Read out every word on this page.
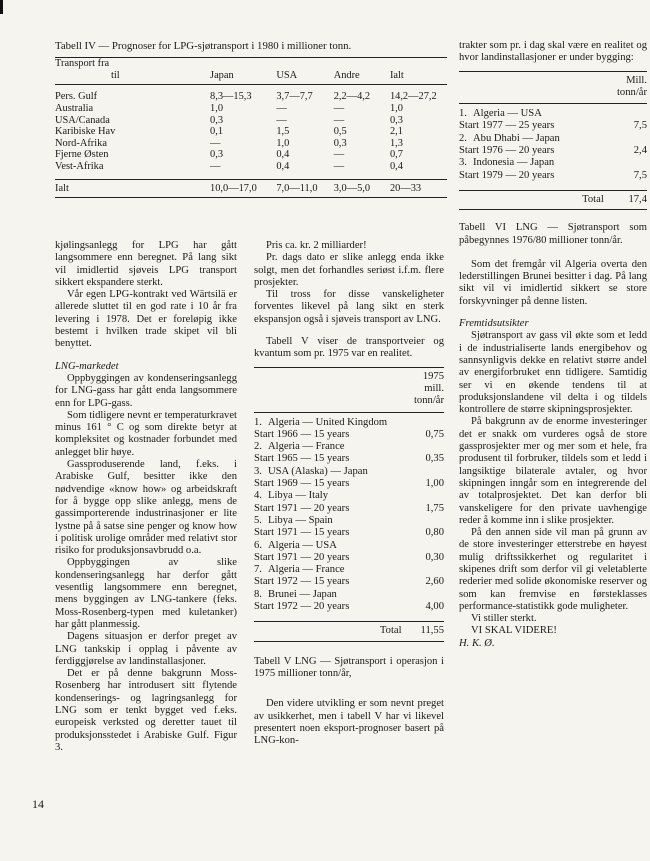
Tabell IV — Prognoser for LPG-sjøtransport i 1980 i millioner tonn.
Transport fra				
til	Japan	USA	Andre	Ialt
Pers. Gulf	8,3—15,3	3,7—7,7	2,2—4,2	14,2—27,2
Australia	1,0	—	—	1,0
USA/Canada	0,3	—	—	0,3
Karibiske Hav	0,1	1,5	0,5	2,1
Nord-Afrika	—	1,0	0,3	1,3
Fjerne Østen	0,3	0,4	—	0,7
Vest-Afrika	—	0,4	—	0,4
Ialt	10,0—17,0	7,0—11,0	3,0—5,0	20—33

kjølingsanlegg for LPG har gått langsommere enn beregnet. På lang sikt vil imidlertid sjøveis LPG transport sikkert ekspandere sterkt.

Vår egen LPG-kontrakt ved Wärtsilä er allerede sluttet til en god rate i 10 år fra levering i 1978. Det er foreløpig ikke bestemt i hvilken trade skipet vil bli benyttet.

LNG-markedet

Oppbyggingen av kondenseringsanlegg for LNG-gass har gått enda langsommere enn for LPG-gass.

Som tidligere nevnt er temperaturkravet minus 161 ° C og som direkte betyr at kompleksitet og kostnader forbundet med anlegget blir høye.

Gassproduserende land, f.eks. i Arabiske Gulf, besitter ikke den nødvendige «know how» og arbeidskraft for å bygge opp slike anlegg, mens de gassimporterende industrinasjoner er lite lystne på å satse sine penger og know how i politisk urolige områder med relativt stor risiko for produksjonsavbrudd o.a.

Oppbyggingen av slike kondenseringsanlegg har derfor gått vesentlig langsommere enn beregnet, mens byggingen av LNG-tankere (feks. Moss-Rosenberg-typen med kuletanker) har gått planmessig.

Dagens situasjon er derfor preget av LNG tankskip i opplag i påvente av ferdiggjørelse av landinstallasjoner.

Det er på denne bakgrunn Moss-Rosenberg har introdusert sitt flytende kondenserings- og lagringsanlegg for LNG som er tenkt bygget ved f.eks. europeisk verksted og deretter tauet til produksjonsstedet i Arabiske Gulf. Figur 3.

Pris ca. kr. 2 milliarder!

Pr. dags dato er slike anlegg enda ikke solgt, men det forhandles seriøst i.f.m. flere prosjekter.

Til tross for disse vanskeligheter forventes likevel på lang sikt en sterk ekspansjon også i sjøveis transport av LNG.

Tabell V viser de transportveier og kvantum som pr. 1975 var en realitet.

1975
mill.
tonn/år	
1. Algeria — United Kingdom	
Start 1966 — 15 years	0,75
2. Algeria — France	
Start 1965 — 15 years	0,35
3. USA (Alaska) — Japan	
Start 1969 — 15 years	1,00
4. Libya — Italy	
Start 1971 — 20 years	1,75
5. Libya — Spain	
Start 1971 — 15 years	0,80
6. Algeria — USA	
Start 1971 — 20 years	0,30
7. Algeria — France	
Start 1972 — 15 years	2,60
8. Brunei — Japan	
Start 1972 — 20 years	4,00

Total	11,55

Tabell V LNG — Sjøtransport i operasjon i 1975 millioner tonn/år,

Den videre utvikling er som nevnt preget av usikkerhet, men i tabell V har vi likevel presentert noen eksport-prognoser basert på LNG-kon-

trakter som pr. i dag skal være en realitet og hvor landinstallasjoner er under bygging:

Mill.
tonn/år	
1. Algeria — USA	
Start 1977 — 25 years	7,5
2. Abu Dhabi — Japan	
Start 1976 — 20 years	2,4
3. Indonesia — Japan	
Start 1979 — 20 years	7,5

Total	17,4

Tabell VI LNG — Sjøtransport som påbegynnes 1976/80 millioner tonn/år.

Som det fremgår vil Algeria overta den lederstillingen Brunei besitter i dag. På lang sikt vil vi imidlertid sikkert se store forskyvninger på denne listen.

Fremtidsutsikter

Sjøtransport av gass vil økte som et ledd i de industrialiserte lands energibehov og sannsynligvis dekke en relativt større andel av energiforbruket enn tidligere. Samtidig ser vi en økende tendens til at produksjonslandene vil delta i og tildels kontrollere de større skipningsprosjekter.

På bakgrunn av de enorme investeringer det er snakk om vurderes også de store gassprosjekter mer og mer som et hele, fra produsent til forbruker, tildels som et ledd i langsiktige bilaterale avtaler, og hvor skipningen inngår som en integrerende del av totalprosjektet. Det kan derfor bli vanskeligere for den private uavhengige reder å komme inn i slike prosjekter.

På den annen side vil man på grunn av de store investeringer etterstrebe en høyest mulig driftssikkerhet og regularitet i skipenes drift som derfor vil gi veletablerte rederier med solide økonomiske reserver og som kan fremvise en førsteklasses performance-statistikk gode muligheter.

Vi stiller sterkt.

VI SKAL VIDERE!

H. K. Ø.

14
